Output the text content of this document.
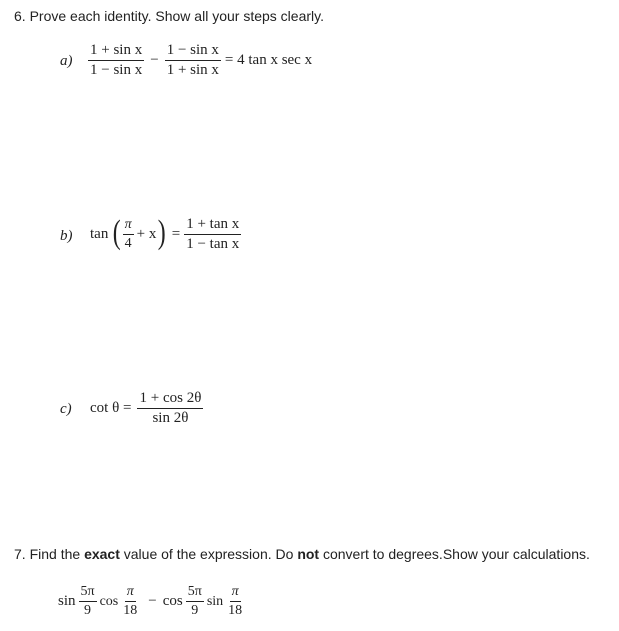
6. Prove each identity. Show all your steps clearly.
$a) \frac{\text{1 + sin x}}{\text{1 − sin x}} - \frac{\text{1 − sin x}}{\text{1 + sin x}} = 4$ tan x sec x
b) tan ( $\frac{\pi}{4} + x$ ) = $\frac{\text{1 + tan x}}{\text{1 − tan x}}$
c) $\cot \theta = \frac{1 + \cos 2\theta}{\sin 2\theta}$
7. Find the exact value of the expression. Do not convert to degrees.Show your calculations.
$\sin \frac{5\pi}{9}$ $\cos \frac{\pi}{18} - \cos \frac{5\pi}{9}$ $\sin \frac{\pi}{18}$
